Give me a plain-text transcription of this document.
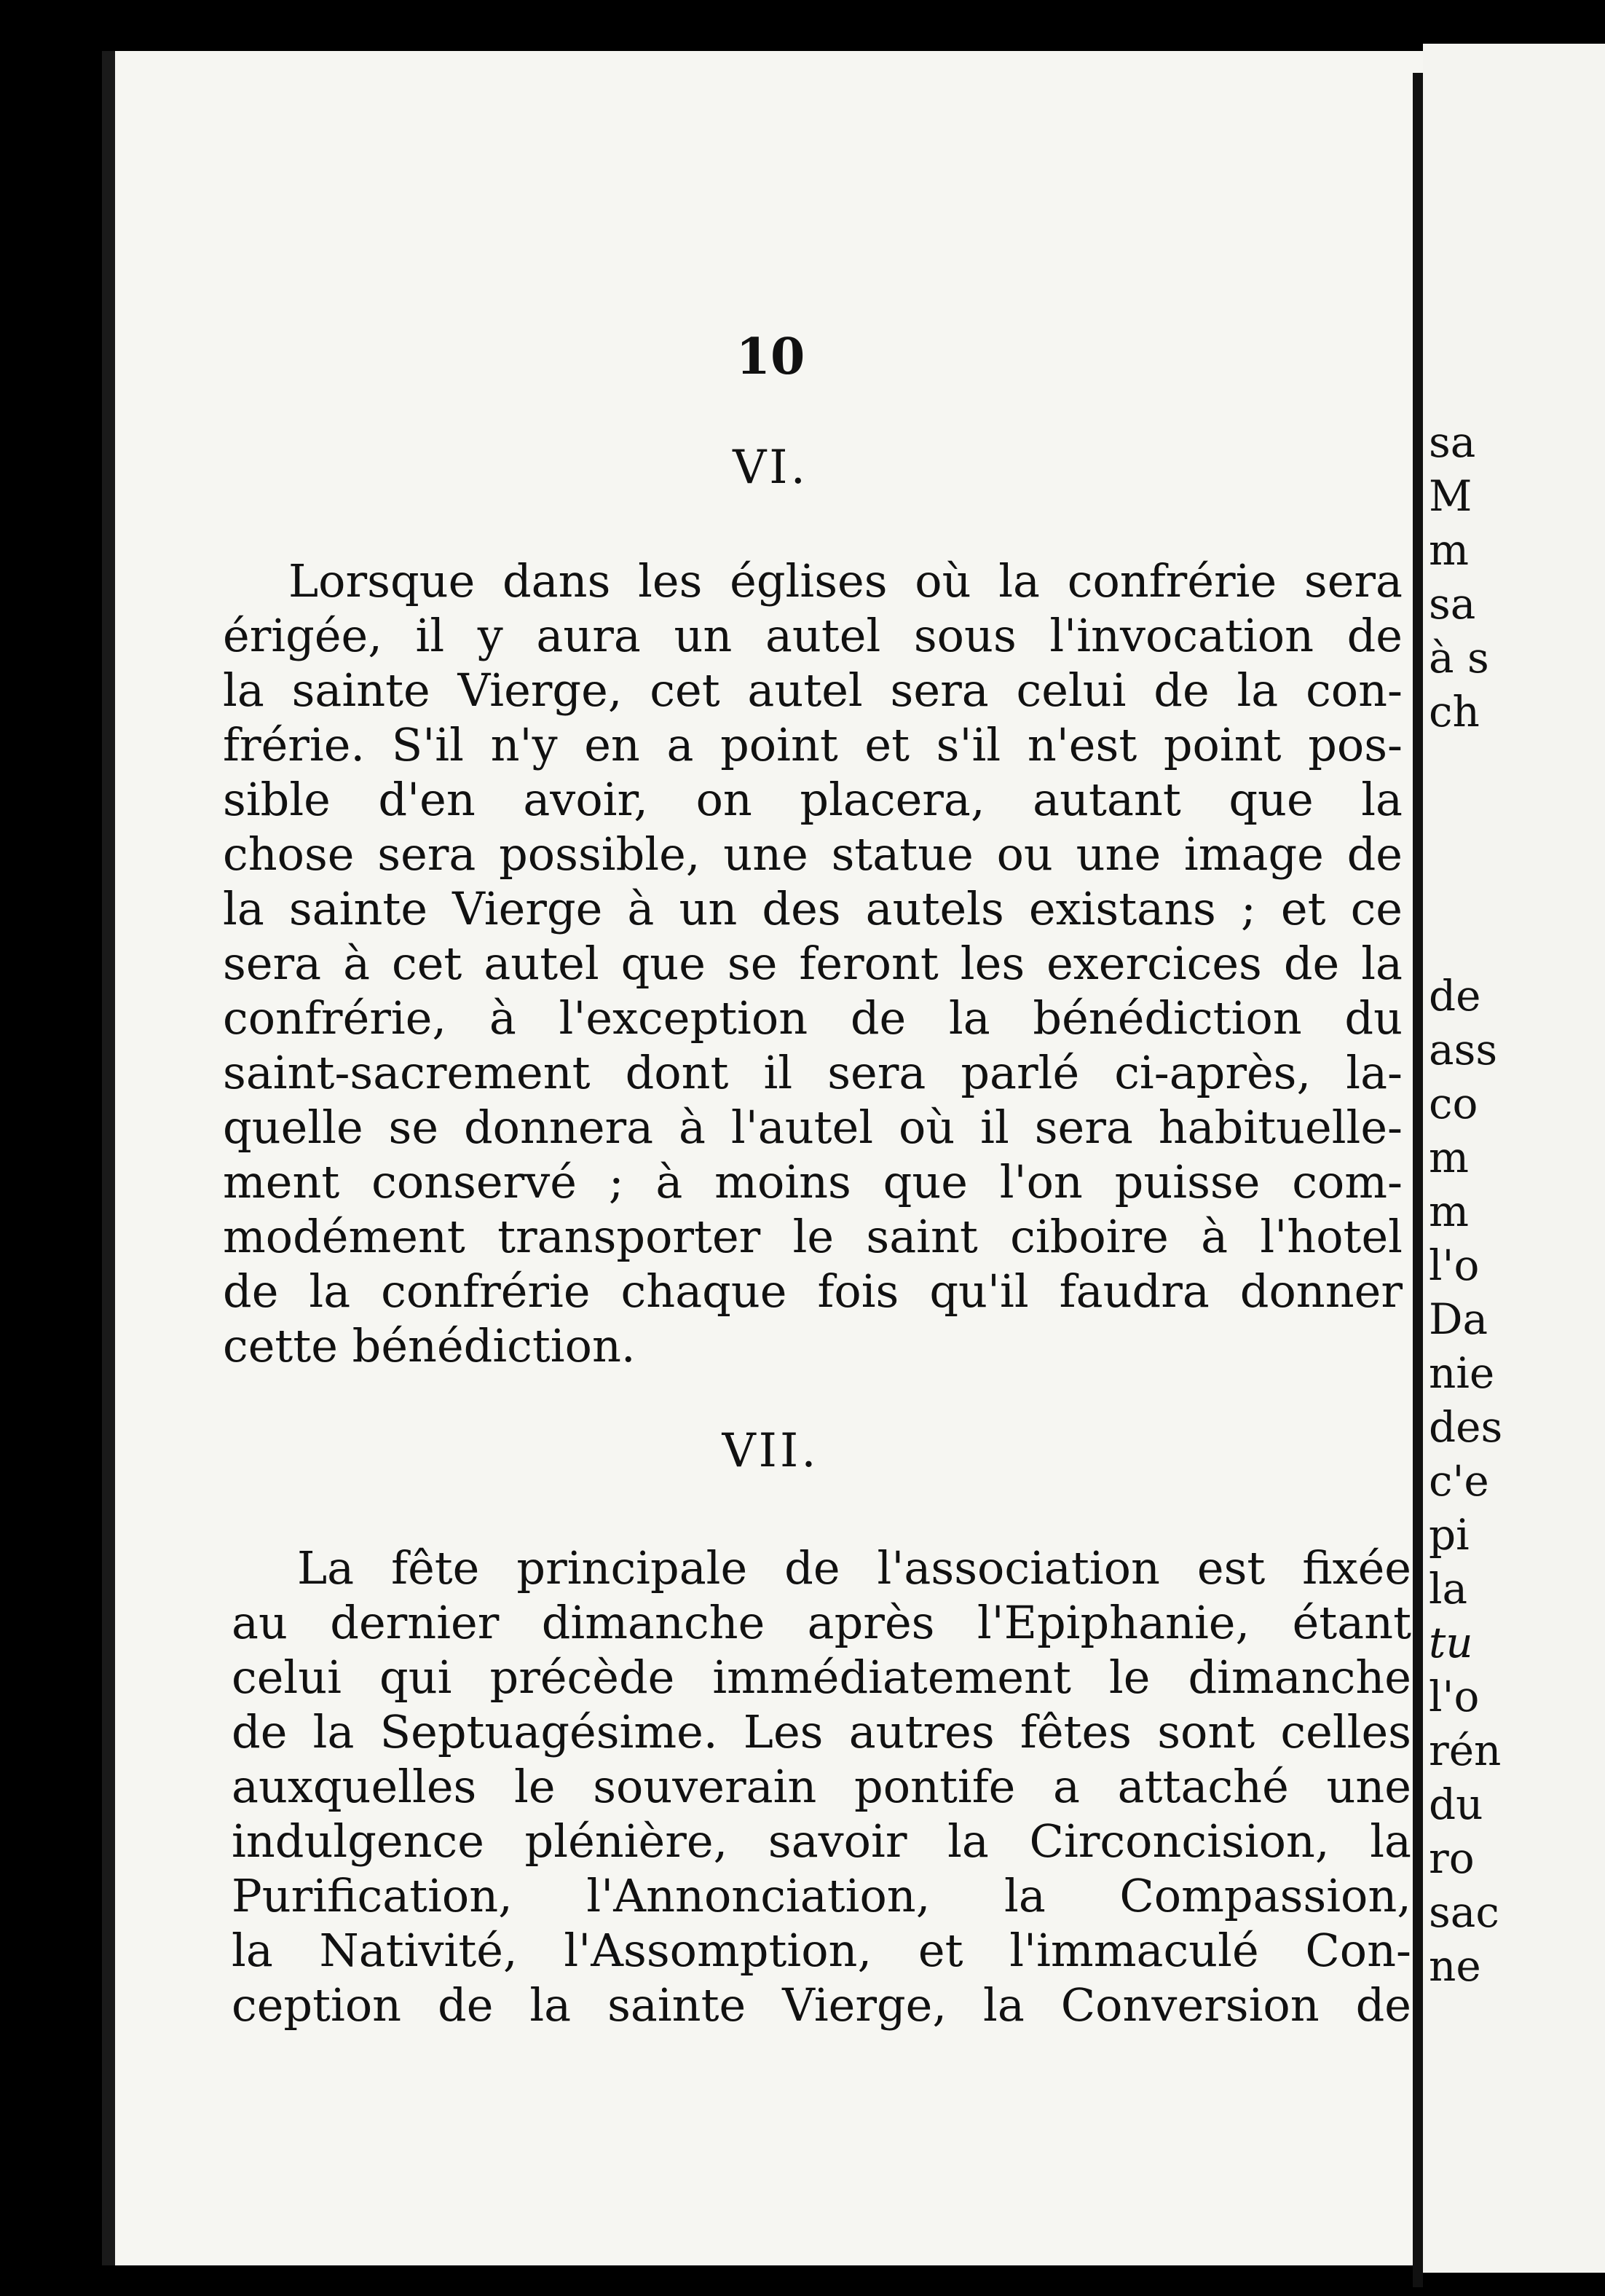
10
VI.
Lorsque dans les églises où la confrérie sera
érigée, il y aura un autel sous l'invocation de
la sainte Vierge, cet autel sera celui de la con-
frérie. S'il n'y en a point et s'il n'est point pos-
sible d'en avoir, on placera, autant que la
chose sera possible, une statue ou une image de
la sainte Vierge à un des autels existans ; et ce
sera à cet autel que se feront les exercices de la
confrérie, à l'exception de la bénédiction du
saint-sacrement dont il sera parlé ci-après, la-
quelle se donnera à l'autel où il sera habituelle-
ment conservé ; à moins que l'on puisse com-
modément transporter le saint ciboire à l'hotel
de la confrérie chaque fois qu'il faudra donner
cette bénédiction.
VII.
La fête principale de l'association est fixée
au dernier dimanche après l'Epiphanie, étant
celui qui précède immédiatement le dimanche
de la Septuagésime. Les autres fêtes sont celles
auxquelles le souverain pontife a attaché une
indulgence plénière, savoir la Circoncision, la
Purification, l'Annonciation, la Compassion,
la Nativité, l'Assomption, et l'immaculé Con-
ception de la sainte Vierge, la Conversion de
sa
M
m
sa
à s
ch
de
ass
co
m
m
l'o
Da
nie
des
c'e
pi
la
tu
l'o
rén
du
ro
sac
ne
